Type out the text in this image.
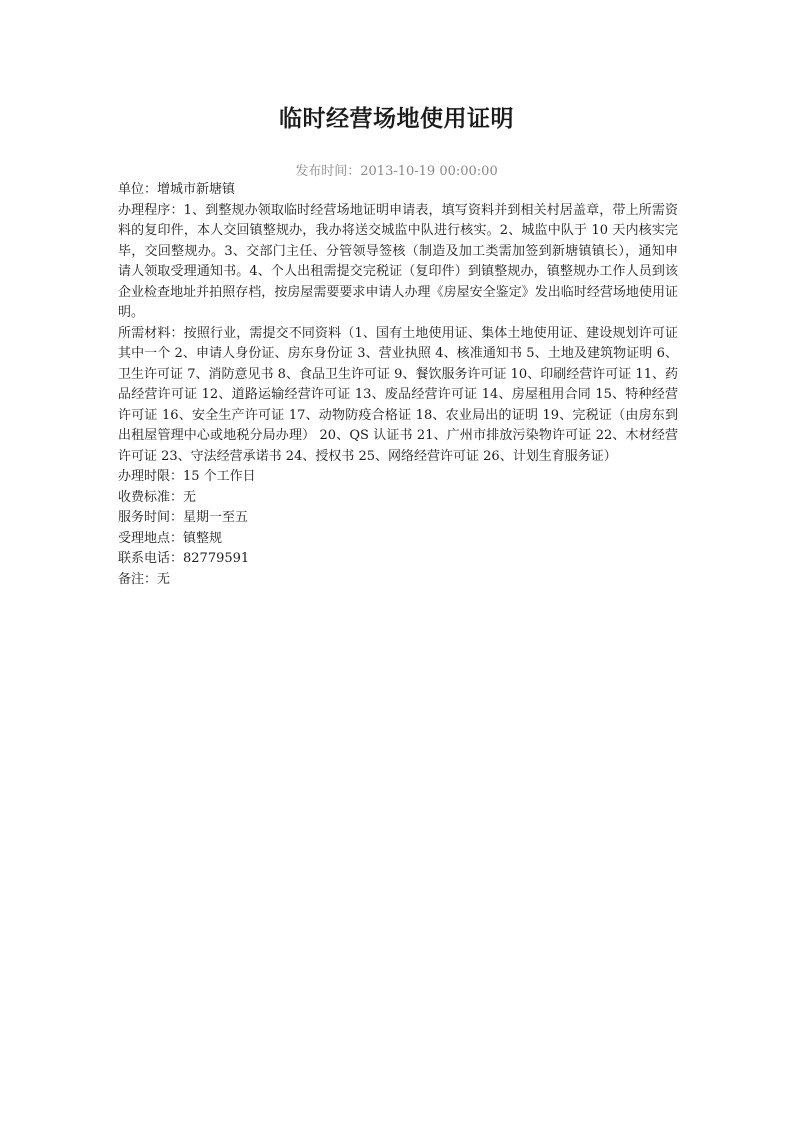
临时经营场地使用证明
发布时间：2013-10-19 00:00:00

单位：增城市新塘镇

办理程序：1、到整规办领取临时经营场地证明申请表，填写资料并到相关村居盖章，带上所需资料的复印件，本人交回镇整规办，我办将送交城监中队进行核实。2、城监中队于 10 天内核实完毕，交回整规办。3、交部门主任、分管领导签核（制造及加工类需加签到新塘镇镇长），通知申请人领取受理通知书。4、个人出租需提交完税证（复印件）到镇整规办，镇整规办工作人员到该企业检查地址并拍照存档，按房屋需要要求申请人办理《房屋安全鉴定》发出临时经营场地使用证明。

所需材料：按照行业，需提交不同资料（1、国有土地使用证、集体土地使用证、建设规划许可证 其中一个 2、申请人身份证、房东身份证 3、营业执照 4、核准通知书 5、土地及建筑物证明 6、卫生许可证 7、消防意见书 8、食品卫生许可证 9、餐饮服务许可证 10、印刷经营许可证 11、药品经营许可证 12、道路运输经营许可证 13、废品经营许可证 14、房屋租用合同 15、特种经营许可证 16、安全生产许可证 17、动物防疫合格证 18、农业局出的证明 19、完税证（由房东到出租屋管理中心或地税分局办理） 20、QS 认证书 21、广州市排放污染物许可证 22、木材经营许可证 23、守法经营承诺书 24、授权书 25、网络经营许可证 26、计划生育服务证）

办理时限：15 个工作日

收费标准：无

服务时间：星期一至五

受理地点：镇整规

联系电话：82779591

备注：无
